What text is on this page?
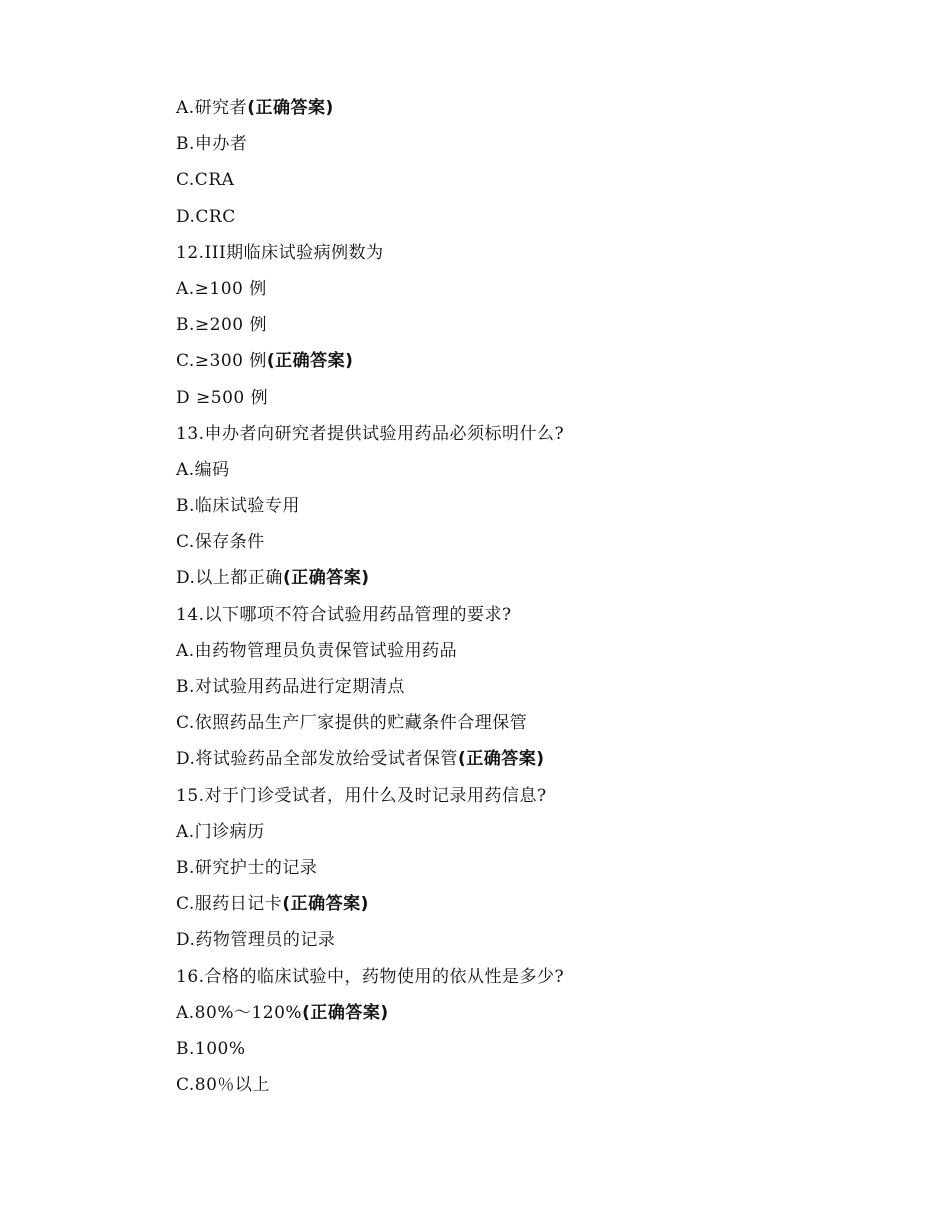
A.研究者(正确答案)
B.申办者
C.CRA
D.CRC
12.III期临床试验病例数为
A.≥100 例
B.≥200 例
C.≥300 例(正确答案)
D ≥500 例
13.申办者向研究者提供试验用药品必须标明什么?
A.编码
B.临床试验专用
C.保存条件
D.以上都正确(正确答案)
14.以下哪项不符合试验用药品管理的要求?
A.由药物管理员负责保管试验用药品
B.对试验用药品进行定期清点
C.依照药品生产厂家提供的贮藏条件合理保管
D.将试验药品全部发放给受试者保管(正确答案)
15.对于门诊受试者，用什么及时记录用药信息?
A.门诊病历
B.研究护士的记录
C.服药日记卡(正确答案)
D.药物管理员的记录
16.合格的临床试验中，药物使用的依从性是多少?
A.80%～120%(正确答案)
B.100%
C.80％以上
